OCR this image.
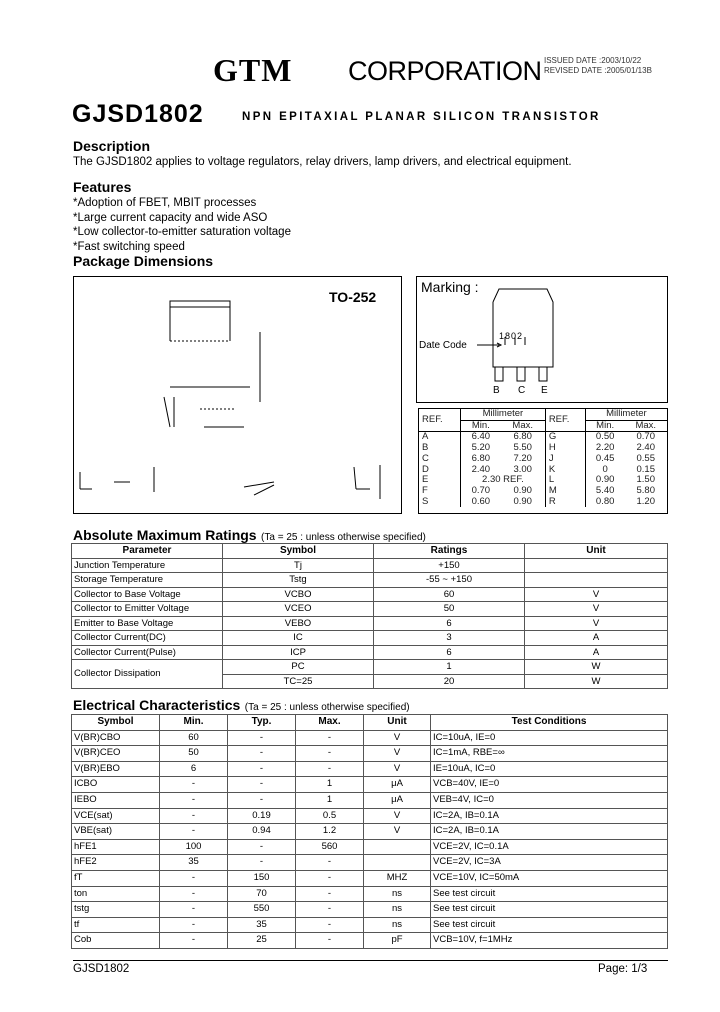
GTM CORPORATION ISSUED DATE :2003/10/22
REVISED DATE :2005/01/13B
GJSD1802	NPN EPITAXIAL PLANAR SILICON TRANSISTOR
Description
The GJSD1802 applies to voltage regulators, relay drivers, lamp drivers, and electrical equipment.
Features
*Adoption of FBET, MBIT processes
*Large current capacity and wide ASO
*Low collector-to-emitter saturation voltage
*Fast switching speed
Package Dimensions
TO-252
Marking :
1802
Date Code
B C E
REF.	Millimeter		REF.	Millimeter	
	Min.	Max.		Min.	Max.
A	6.40	6.80	G	0.50	0.70
B	5.20	5.50	H	2.20	2.40
C	6.80	7.20	J	0.45	0.55
D	2.40	3.00	K	0	0.15
E	2.30 REF.		L	0.90	1.50
F	0.70	0.90	M	5.40	5.80
S	0.60	0.90	R	0.80	1.20
Absolute Maximum Ratings (Ta = 25 : unless otherwise specified)
Parameter	Symbol	Ratings	Unit
Junction Temperature	Tj	+150	
Storage Temperature	Tstg	-55 ~ +150	
Collector to Base Voltage	VCBO	60	V
Collector to Emitter Voltage	VCEO	50	V
Emitter to Base Voltage	VEBO	6	V
Collector Current(DC)	IC	3	A
Collector Current(Pulse)	ICP	6	A
Collector Dissipation	PC	1	W
	TC=25	20	W
Electrical Characteristics (Ta = 25 : unless otherwise specified)
Symbol	Min.	Typ.	Max.	Unit	Test Conditions
V(BR)CBO	60	-	-	V	IC=10uA, IE=0
V(BR)CEO	50	-	-	V	IC=1mA, RBE=∞
V(BR)EBO	6	-	-	V	IE=10uA, IC=0
ICBO	-	-	1	μA	VCB=40V, IE=0
IEBO	-	-	1	μA	VEB=4V, IC=0
VCE(sat)	-	0.19	0.5	V	IC=2A, IB=0.1A
VBE(sat)	-	0.94	1.2	V	IC=2A, IB=0.1A
hFE1	100	-	560		VCE=2V, IC=0.1A
hFE2	35	-	-		VCE=2V, IC=3A
fT	-	150	-	MHZ	VCE=10V, IC=50mA
ton	-	70	-	ns	See test circuit
tstg	-	550	-	ns	See test circuit
tf	-	35	-	ns	See test circuit
Cob	-	25	-	pF	VCB=10V, f=1MHz
GJSD1802	Page: 1/3
